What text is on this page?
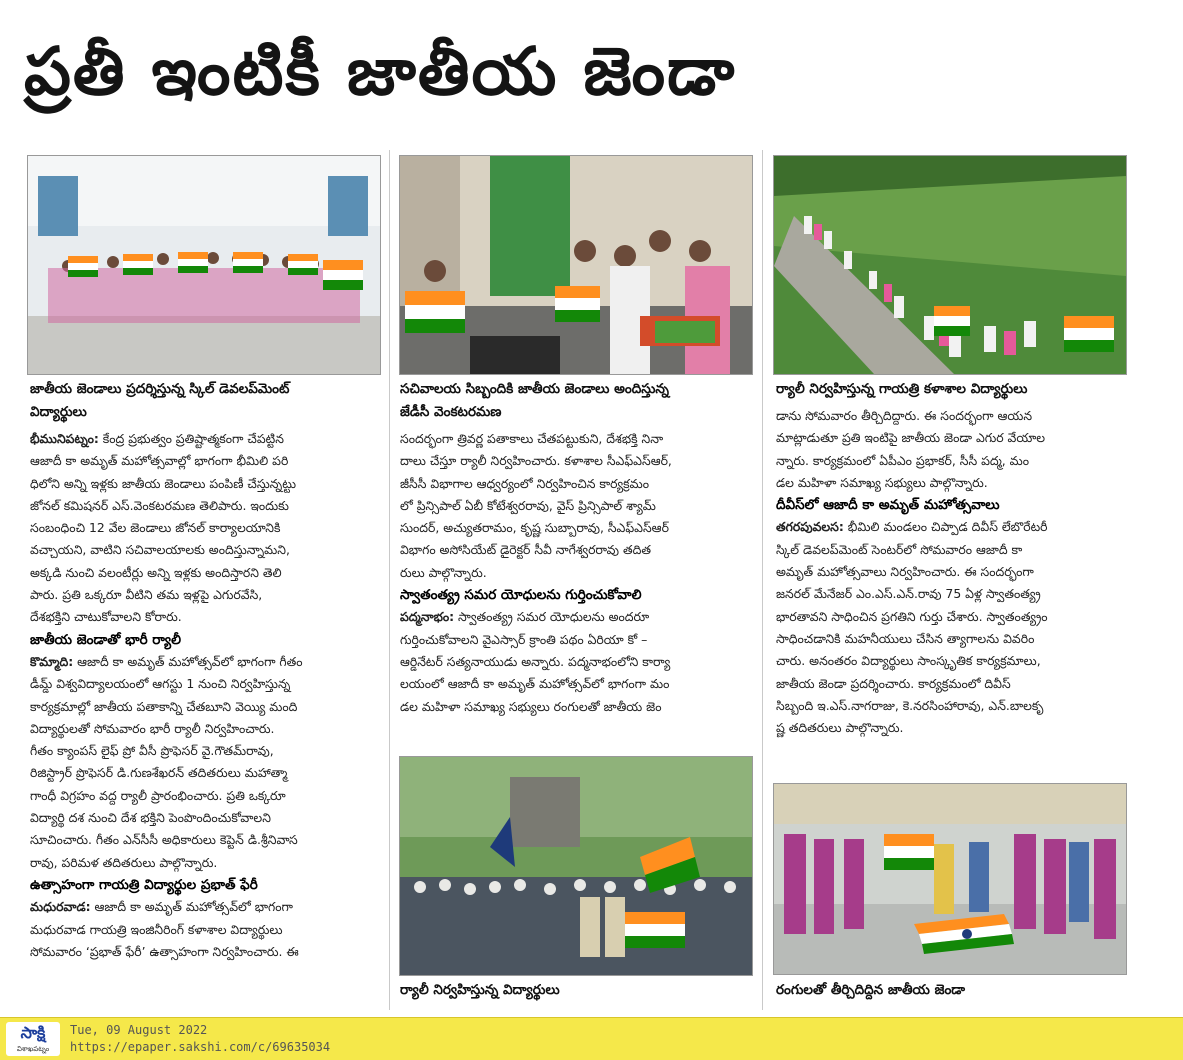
ప్రతీ ఇంటికీ జాతీయ జెండా
జాతీయ జెండాలు ప్రదర్శిస్తున్న స్కిల్ డెవలప్‌మెంట్
విద్యార్థులు
సచివాలయ సిబ్బందికి జాతీయ జెండాలు అందిస్తున్న
జేడీసీ వెంకటరమణ
ర్యాలీ నిర్వహిస్తున్న గాయత్రి కళాశాల విద్యార్థులు
ర్యాలీ నిర్వహిస్తున్న విద్యార్థులు	రంగులతో తీర్చిదిద్దిన జాతీయ జెండా

భీమునిపట్నం: కేంద్ర ప్రభుత్వం ప్రతిష్టాత్మకంగా చేపట్టిన

ఆజాదీ కా అమృత్ మహోత్సవాల్లో భాగంగా భీమిలి పరి

ధిలోని అన్ని ఇళ్లకు జాతీయ జెండాలు పంపిణీ చేస్తున్నట్టు

జోనల్ కమిషనర్ ఎస్.వెంకటరమణ తెలిపారు. ఇందుకు

సంబంధించి 12 వేల జెండాలు జోనల్ కార్యాలయానికి

వచ్చాయని, వాటిని సచివాలయాలకు అందిస్తున్నామని,

అక్కడి నుంచి వలంటీర్లు అన్ని ఇళ్లకు అందిస్తారని తెలి

పారు. ప్రతి ఒక్కరూ వీటిని తమ ఇళ్లపై ఎగురవేసి,

దేశభక్తిని చాటుకోవాలని కోరారు.

జాతీయ జెండాతో భారీ ర్యాలీ

కొమ్మాది: ఆజాదీ కా అమృత్ మహోత్సవ్‌లో భాగంగా గీతం

డీమ్డ్ విశ్వవిద్యాలయంలో ఆగస్టు 1 నుంచి నిర్వహిస్తున్న

కార్యక్రమాల్లో జాతీయ పతాకాన్ని చేతబూని వెయ్యి మంది

విద్యార్థులతో సోమవారం భారీ ర్యాలీ నిర్వహించారు.

గీతం క్యాంపస్ లైఫ్ ప్రో వీసీ ప్రొఫెసర్ వై.గౌతమ్‌రావు,

రిజిస్ట్రార్ ప్రొఫెసర్ డి.గుణశేఖరన్ తదితరులు మహాత్మా

గాంధీ విగ్రహం వద్ద ర్యాలీ ప్రారంభించారు. ప్రతి ఒక్కరూ

విద్యార్థి దశ నుంచి దేశ భక్తిని పెంపొందించుకోవాలని

సూచించారు. గీతం ఎన్‌సీసీ అధికారులు కెప్టెన్ డి.శ్రీనివాస

రావు, పరిమళ తదితరులు పాల్గొన్నారు.

ఉత్సాహంగా గాయత్రి విద్యార్థుల ప్రభాత్ ఫేరీ

మధురవాడ: ఆజాదీ కా అమృత్ మహోత్సవ్‌లో భాగంగా

మధురవాడ గాయత్రి ఇంజినీరింగ్ కళాశాల విద్యార్థులు

సోమవారం ‘ప్రభాత్ ఫేరీ’ ఉత్సాహంగా నిర్వహించారు. ఈ

సందర్భంగా త్రివర్ణ పతాకాలు చేతపట్టుకుని, దేశభక్తి నినా

దాలు చేస్తూ ర్యాలీ నిర్వహించారు. కళాశాల సీఎఫ్ఎస్ఆర్,

జీసీసీ విభాగాల ఆధ్వర్యంలో నిర్వహించిన కార్యక్రమం

లో ప్రిన్సిపాల్ ఏబీ కోటేశ్వరరావు, వైస్ ప్రిన్సిపాల్ శ్యామ్

సుందర్, అచ్యుతరామం, కృష్ణ సుబ్బారావు, సీఎఫ్ఎస్ఆర్

విభాగం అసోసియేట్ డైరెక్టర్ సీవీ నాగేశ్వరరావు తదిత

రులు పాల్గొన్నారు.

స్వాతంత్య్ర సమర యోధులను గుర్తించుకోవాలి

పద్మనాభం: స్వాతంత్య్ర సమర యోధులను అందరూ

గుర్తించుకోవాలని వైఎస్సార్ క్రాంతి పథం ఏరియా కో –

ఆర్డినేటర్ సత్యనాయుడు అన్నారు. పద్మనాభంలోని కార్యా

లయంలో ఆజాదీ కా అమృత్ మహోత్సవ్‌లో భాగంగా మం

డల మహిళా సమాఖ్య సభ్యులు రంగులతో జాతీయ జెం

డాను సోమవారం తీర్చిదిద్దారు. ఈ సందర్భంగా ఆయన

మాట్లాడుతూ ప్రతి ఇంటిపై జాతీయ జెండా ఎగుర వేయాల

న్నారు. కార్యక్రమంలో ఏపీఎం ప్రభాకర్, సీసీ పద్మ, మం

డల మహిళా సమాఖ్య సభ్యులు పాల్గొన్నారు.

దీవీస్‌లో ఆజాదీ కా అమృత్ మహోత్సవాలు

తగరపువలస: భీమిలి మండలం చిప్పాడ దివీస్ లేబొరేటరీ

స్కిల్ డెవలప్‌మెంట్ సెంటర్‌లో సోమవారం ఆజాదీ కా

అమృత్ మహోత్సవాలు నిర్వహించారు. ఈ సందర్భంగా

జనరల్ మేనేజర్ ఎం.ఎస్.ఎన్.రావు 75 ఏళ్ల స్వాతంత్య్ర

భారతావని సాధించిన ప్రగతిని గుర్తు చేశారు. స్వాతంత్య్రం

సాధించడానికి మహనీయులు చేసిన త్యాగాలను వివరిం

చారు. అనంతరం విద్యార్థులు సాంస్కృతిక కార్యక్రమాలు,

జాతీయ జెండా ప్రదర్శించారు. కార్యక్రమంలో దివీస్

సిబ్బంది ఇ.ఎస్.నాగరాజు, కె.నరసింహారావు, ఎన్.బాలకృ

ష్ణ తదితరులు పాల్గొన్నారు.

సాక్షి
విశాఖపట్నం
Tue, 09 August 2022
https://epaper.sakshi.com/c/69635034
